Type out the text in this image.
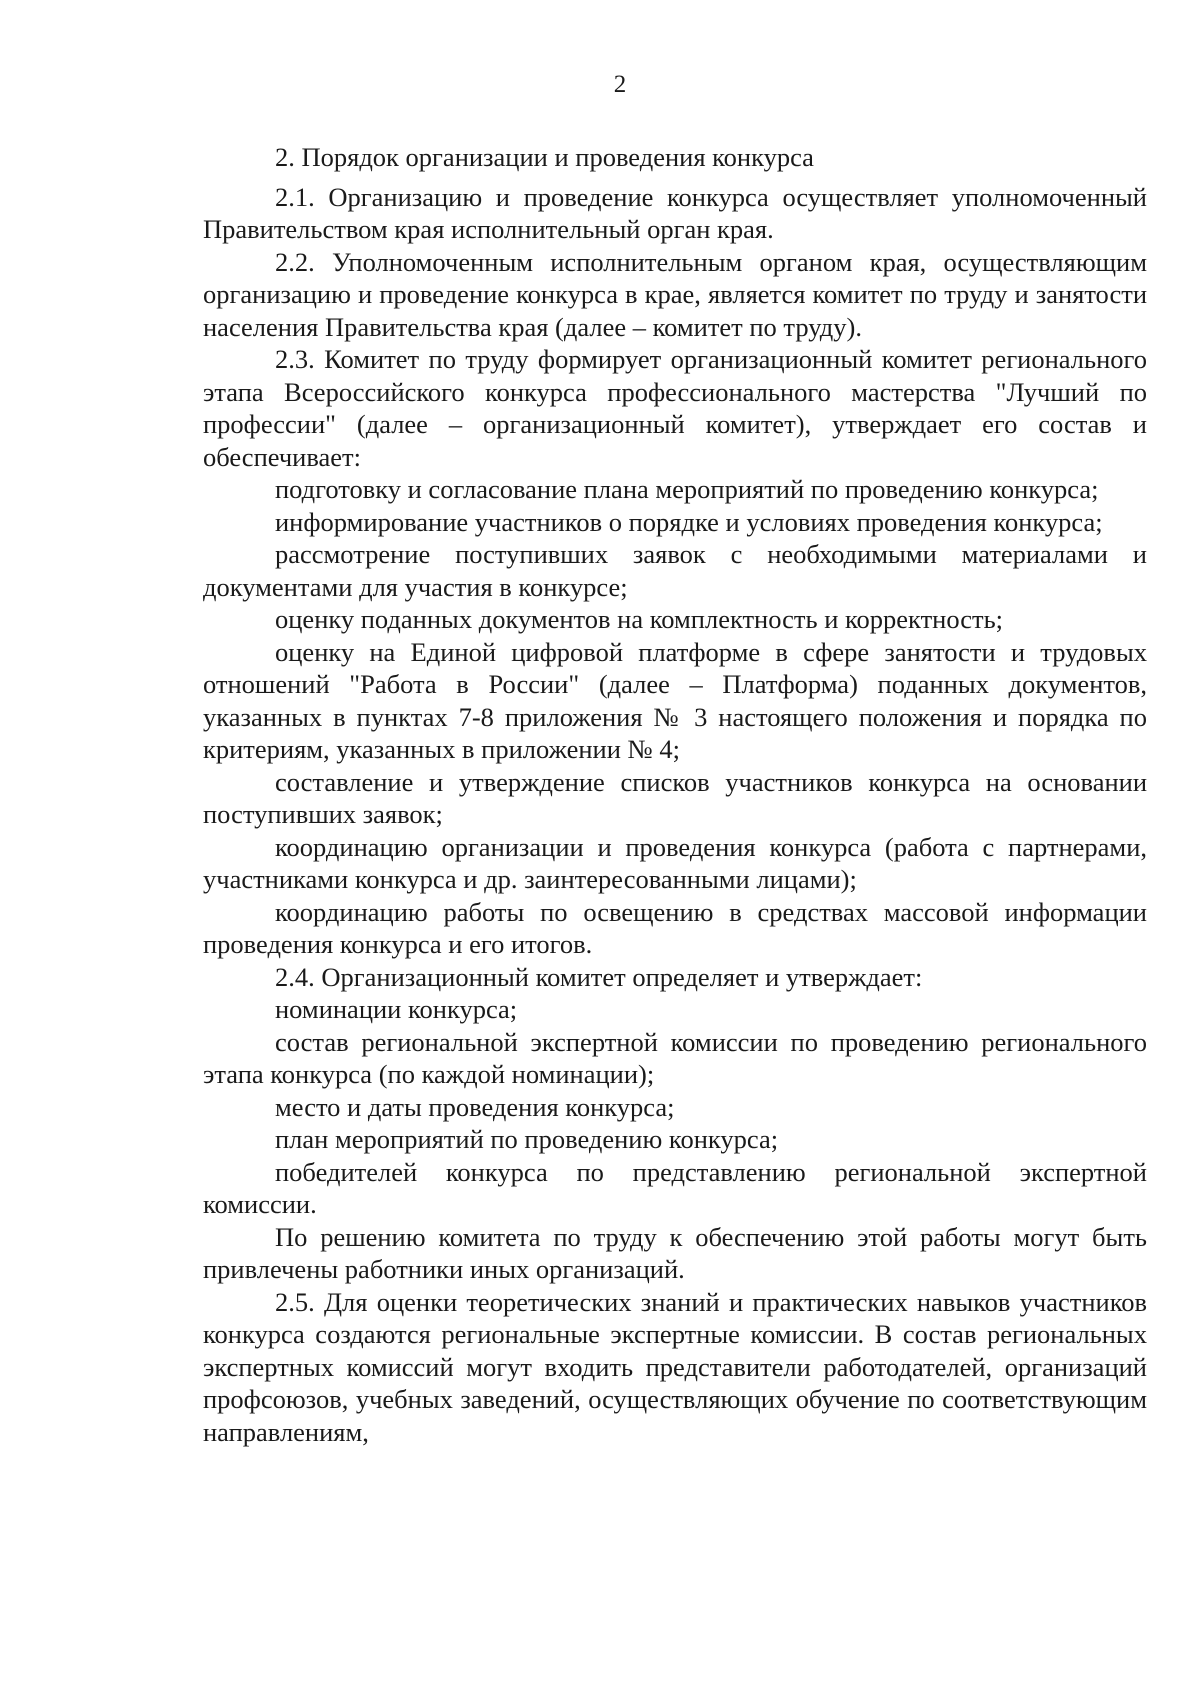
2

2. Порядок организации и проведения конкурса

2.1. Организацию и проведение конкурса осуществляет уполномоченный Правительством края исполнительный орган края.

2.2. Уполномоченным исполнительным органом края, осуществляющим организацию и проведение конкурса в крае, является комитет по труду и занятости населения Правительства края (далее – комитет по труду).

2.3. Комитет по труду формирует организационный комитет регионального этапа Всероссийского конкурса профессионального мастерства "Лучший по профессии" (далее – организационный комитет), утверждает его состав и обеспечивает:

подготовку и согласование плана мероприятий по проведению конкурса;

информирование участников о порядке и условиях проведения конкурса;

рассмотрение поступивших заявок с необходимыми материалами и документами для участия в конкурсе;

оценку поданных документов на комплектность и корректность;

оценку на Единой цифровой платформе в сфере занятости и трудовых отношений "Работа в России" (далее – Платформа) поданных документов, указанных в пунктах 7-8 приложения № 3 настоящего положения и порядка по критериям, указанных в приложении № 4;

составление и утверждение списков участников конкурса на основании поступивших заявок;

координацию организации и проведения конкурса (работа с партнерами, участниками конкурса и др. заинтересованными лицами);

координацию работы по освещению в средствах массовой информации проведения конкурса и его итогов.

2.4. Организационный комитет определяет и утверждает:

номинации конкурса;

состав региональной экспертной комиссии по проведению регионального этапа конкурса (по каждой номинации);

место и даты проведения конкурса;

план мероприятий по проведению конкурса;

победителей конкурса по представлению региональной экспертной комиссии.

По решению комитета по труду к обеспечению этой работы могут быть привлечены работники иных организаций.

2.5. Для оценки теоретических знаний и практических навыков участников конкурса создаются региональные экспертные комиссии. В состав региональных экспертных комиссий могут входить представители работодателей, организаций профсоюзов, учебных заведений, осуществляющих обучение по соответствующим направлениям,
